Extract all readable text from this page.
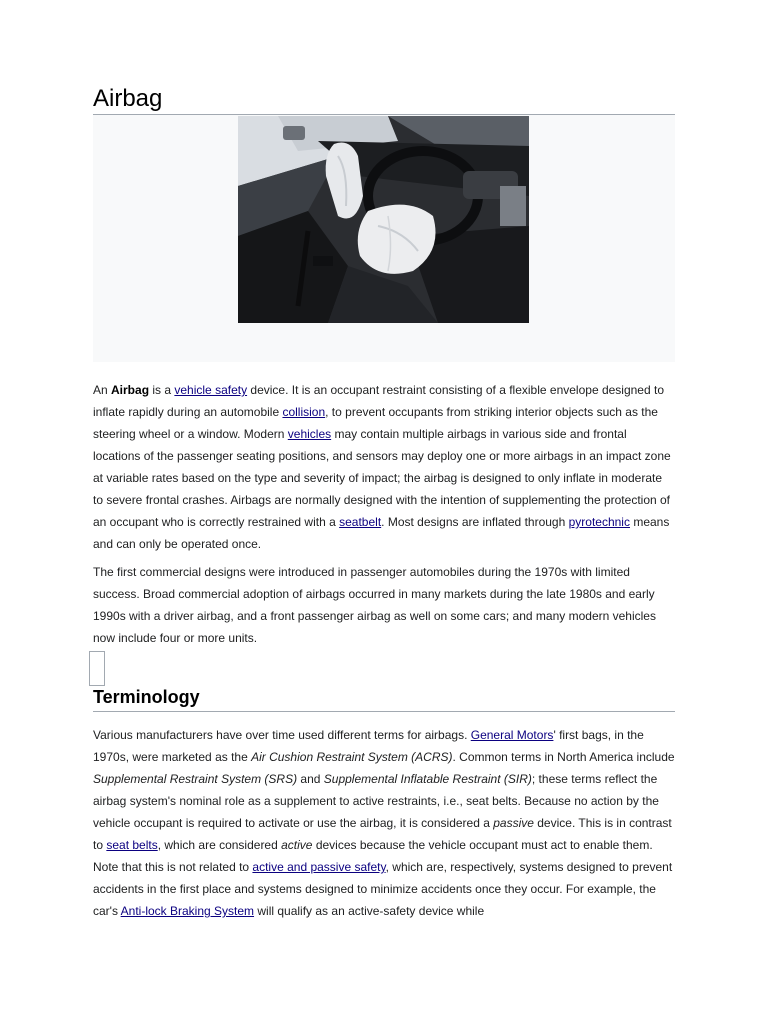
Airbag

An Airbag is a vehicle safety device. It is an occupant restraint consisting of a flexible envelope designed to inflate rapidly during an automobile collision, to prevent occupants from striking interior objects such as the steering wheel or a window. Modern vehicles may contain multiple airbags in various side and frontal locations of the passenger seating positions, and sensors may deploy one or more airbags in an impact zone at variable rates based on the type and severity of impact; the airbag is designed to only inflate in moderate to severe frontal crashes. Airbags are normally designed with the intention of supplementing the protection of an occupant who is correctly restrained with a seatbelt. Most designs are inflated through pyrotechnic means and can only be operated once.

The first commercial designs were introduced in passenger automobiles during the 1970s with limited success. Broad commercial adoption of airbags occurred in many markets during the late 1980s and early 1990s with a driver airbag, and a front passenger airbag as well on some cars; and many modern vehicles now include four or more units.

Terminology

Various manufacturers have over time used different terms for airbags. General Motors' first bags, in the 1970s, were marketed as the Air Cushion Restraint System (ACRS). Common terms in North America include Supplemental Restraint System (SRS) and Supplemental Inflatable Restraint (SIR); these terms reflect the airbag system's nominal role as a supplement to active restraints, i.e., seat belts. Because no action by the vehicle occupant is required to activate or use the airbag, it is considered a passive device. This is in contrast to seat belts, which are considered active devices because the vehicle occupant must act to enable them. Note that this is not related to active and passive safety, which are, respectively, systems designed to prevent accidents in the first place and systems designed to minimize accidents once they occur. For example, the car's Anti-lock Braking System will qualify as an active-safety device while
